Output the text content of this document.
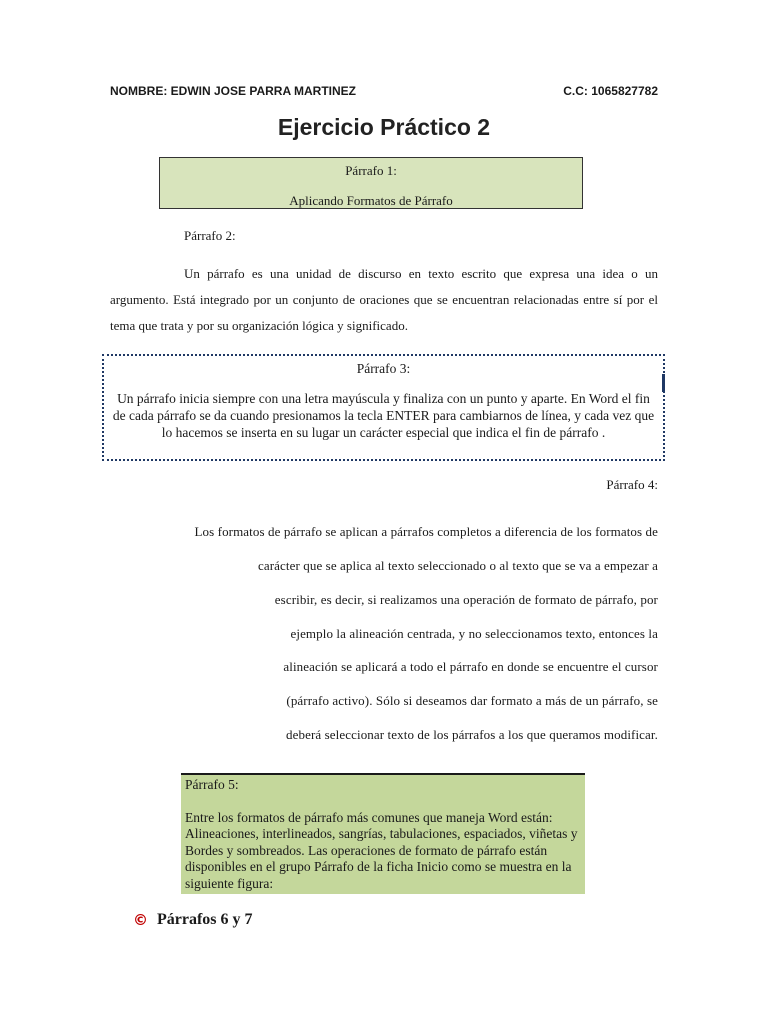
NOMBRE: EDWIN JOSE PARRA MARTINEZ	C.C: 1065827782
Ejercicio Práctico 2
Párrafo 1:
Aplicando Formatos de Párrafo
Párrafo 2:
Un párrafo es una unidad de discurso en texto escrito que expresa una idea o un argumento. Está integrado por un conjunto de oraciones que se encuentran relacionadas entre sí por el tema que trata y por su organización lógica y significado.
Párrafo 3:
Un párrafo inicia siempre con una letra mayúscula y finaliza con un punto y aparte. En Word el fin de cada párrafo se da cuando presionamos la tecla ENTER para cambiarnos de línea, y cada vez que lo hacemos se inserta en su lugar un carácter especial que indica el fin de párrafo .
Párrafo 4:
Los formatos de párrafo se aplican a párrafos completos a diferencia de los formatos de
carácter que se aplica al texto seleccionado o al texto que se va a empezar a
escribir, es decir, si realizamos una operación de formato de párrafo, por
ejemplo la alineación centrada, y no seleccionamos texto, entonces la
alineación se aplicará a todo el párrafo en donde se encuentre el cursor
(párrafo activo). Sólo si deseamos dar formato a más de un párrafo, se
deberá seleccionar texto de los párrafos a los que queramos modificar.
Párrafo 5:
Entre los formatos de párrafo más comunes que maneja Word están: Alineaciones, interlineados, sangrías, tabulaciones, espaciados, viñetas y Bordes y sombreados. Las operaciones de formato de párrafo están disponibles en el grupo Párrafo de la ficha Inicio como se muestra en la siguiente figura:
© Párrafos 6 y 7
